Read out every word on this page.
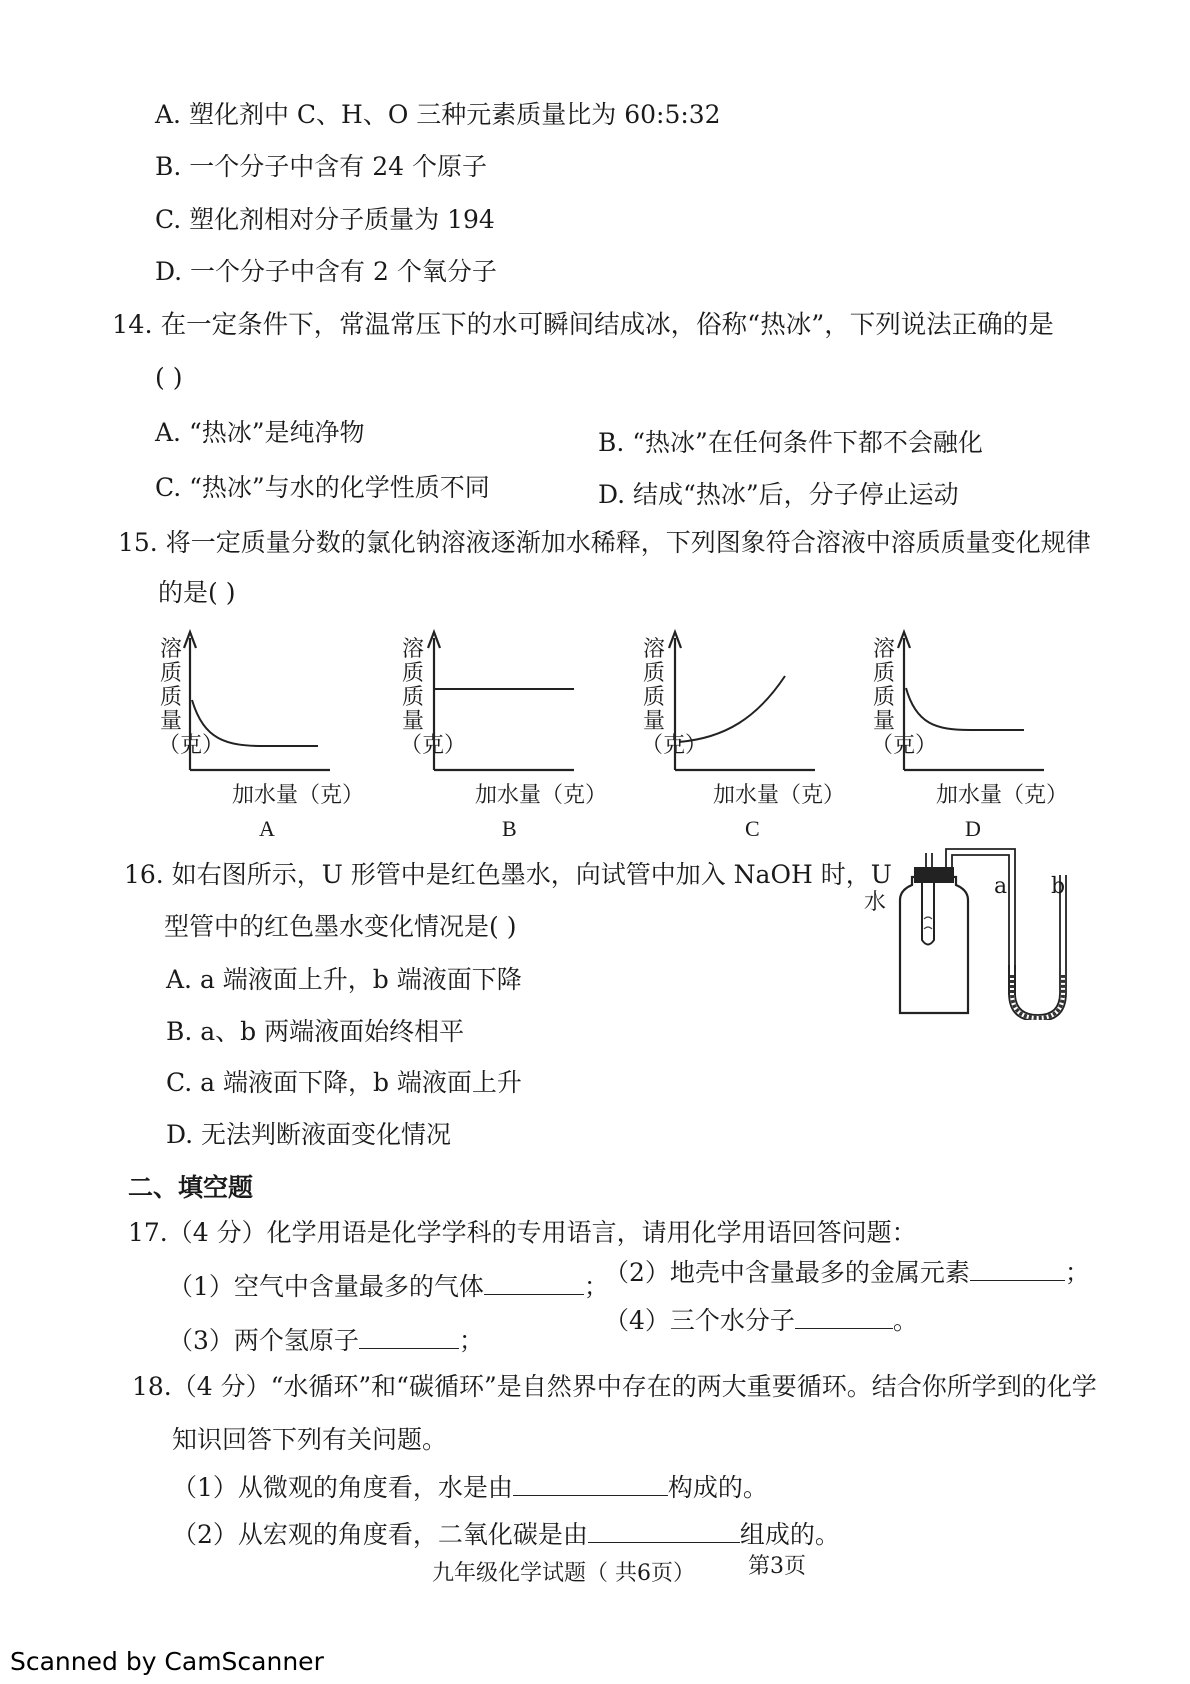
A. 塑化剂中 C、H、O 三种元素质量比为 60:5:32
B. 一个分子中含有 24 个原子
C. 塑化剂相对分子质量为 194
D. 一个分子中含有 2 个氧分子
14. 在一定条件下，常温常压下的水可瞬间结成冰，俗称“热冰”，下列说法正确的是
( )
A. “热冰”是纯净物	B. “热冰”在任何条件下都不会融化
C. “热冰”与水的化学性质不同	D. 结成“热冰”后，分子停止运动
15. 将一定质量分数的氯化钠溶液逐渐加水稀释，下列图象符合溶液中溶质质量变化规律
的是( )
溶质质量（克）
加水量（克）
A
溶质质量（克）
加水量（克）
B
溶质质量（克）
加水量（克）
C
溶质质量（克）
加水量（克）
D
16. 如右图所示，U 形管中是红色墨水，向试管中加入 NaOH 时，U
型管中的红色墨水变化情况是( )
A. a 端液面上升，b 端液面下降
B. a、b 两端液面始终相平
C. a 端液面下降，b 端液面上升
D. 无法判断液面变化情况
水
a b
二、填空题
17.（4 分）化学用语是化学学科的专用语言，请用化学用语回答问题：
（1）空气中含量最多的气体	；
（2）地壳中含量最多的金属元素	；
（3）两个氢原子	；
（4）三个水分子	。
18.（4 分）“水循环”和“碳循环”是自然界中存在的两大重要循环。结合你所学到的化学
知识回答下列有关问题。
（1）从微观的角度看，水是由	构成的。
（2）从宏观的角度看，二氧化碳是由	组成的。
九年级化学试题（ 共6页） 第3页
Scanned by CamScanner
